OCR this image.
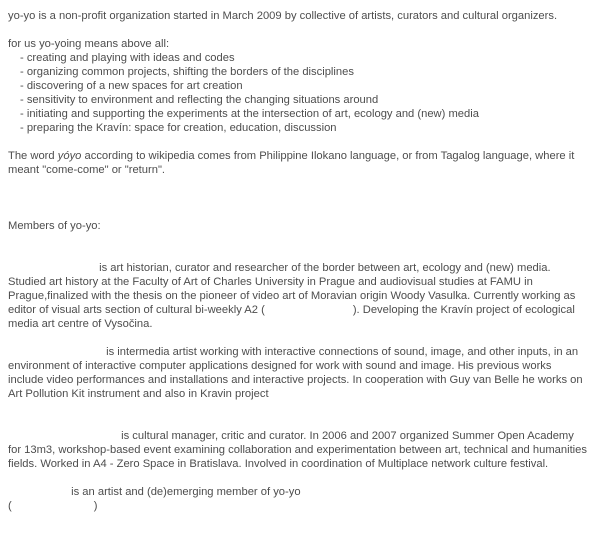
yo-yo is a non-profit organization started in March 2009 by collective of artists, curators and cultural organizers.

for us yo-yoing means above all:

- creating and playing with ideas and codes
- organizing common projects, shifting the borders of the disciplines
- discovering of a new spaces for art creation
- sensitivity to environment and reflecting the changing situations around
- initiating and supporting the experiments at the intersection of art, ecology and (new) media
- preparing the Kravín: space for creation, education, discussion

The word yóyo according to wikipedia comes from Philippine Ilokano language, or from Tagalog language, where it meant "come-come" or "return".

Members of yo-yo:

is art historian, curator and researcher of the border between art, ecology and (new) media. Studied art history at the Faculty of Art of Charles University in Prague and audiovisual studies at FAMU in Prague,finalized with the thesis on the pioneer of video art of Moravian origin Woody Vasulka. Currently working as editor of visual arts section of cultural bi-weekly A2 (	). Developing the Kravín project of ecological media art centre of Vysočina.

is intermedia artist working with interactive connections of sound, image, and other inputs, in an environment of interactive computer applications designed for work with sound and image. His previous works include video performances and installations and interactive projects. In cooperation with Guy van Belle he works on Art Pollution Kit instrument and also in Kravin project

is cultural manager, critic and curator. In 2006 and 2007 organized Summer Open Academy for 13m3, workshop-based event examining collaboration and experimentation between art, technical and humanities fields. Worked in A4 - Zero Space in Bratislava. Involved in coordination of Multiplace network culture festival.

is an artist and (de)emerging member of yo-yo

(	)
